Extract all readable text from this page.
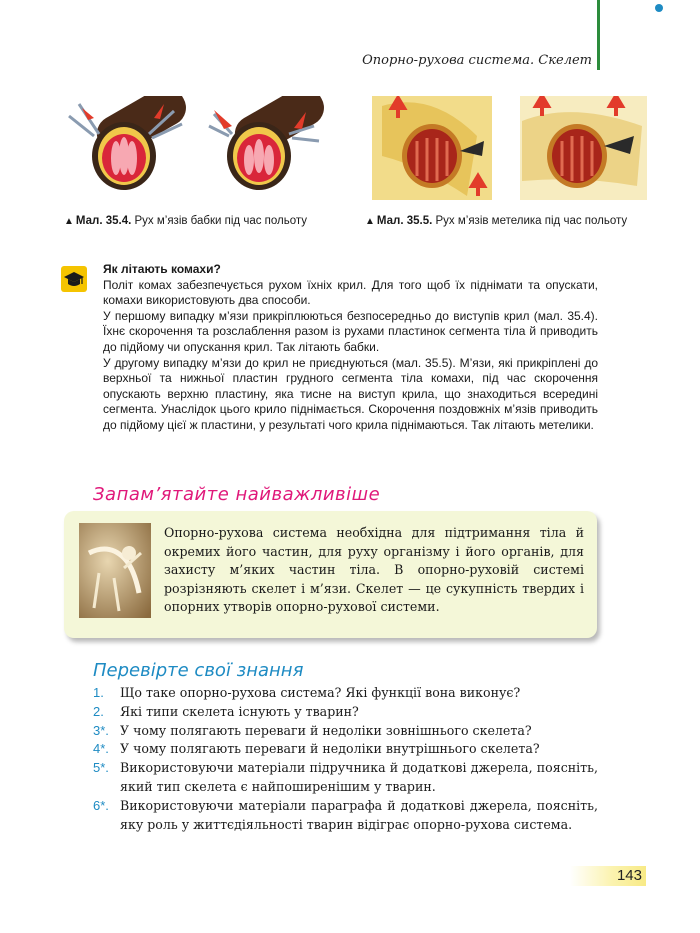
Опорно-рухова система. Скелет
▲ Мал. 35.4. Рух м’язів бабки під час польоту	▲ Мал. 35.5. Рух м’язів метелика під час польоту

Як літають комахи?

Політ комах забезпечується рухом їхніх крил. Для того щоб їх піднімати та опускати, комахи використовують два способи.

У першому випадку м’язи прикріплюються безпосередньо до виступів крил (мал. 35.4). Їхнє скорочення та розслаблення разом із рухами пластинок сегмента тіла й приводить до підйому чи опускання крил. Так літають бабки.

У другому випадку м’язи до крил не приєднуються (мал. 35.5). М’язи, які прикріплені до верхньої та нижньої пластин грудного сегмента тіла комахи, під час скорочення опускають верхню пластину, яка тисне на виступ крила, що знаходиться всередині сегмента. Унаслідок цього крило піднімається. Скорочення поздовжніх м’язів приводить до підйому цієї ж пластини, у результаті чого крила піднімаються. Так літають метелики.

Запам’ятайте найважливіше
Опорно-рухова система необхідна для підтримання тіла й окремих його частин, для руху організму і його органів, для захисту м’яких частин тіла. В опорно-руховій системі розрізняють скелет і м’язи. Скелет — це сукупність твердих і опорних утворів опорно-рухової системи.
Перевірте свої знання
1.	Що таке опорно-рухова система? Які функції вона виконує?
2.	Які типи скелета існують у тварин?
3*. У чому полягають переваги й недоліки зовнішнього скелета?
4*. У чому полягають переваги й недоліки внутрішнього скелета?
5*. Використовуючи матеріали підручника й додаткові джерела, поясніть, який тип скелета є найпоширенішим у тварин.
6*. Використовуючи матеріали параграфа й додаткові джерела, поясніть, яку роль у життєдіяльності тварин відіграє опорно-рухова система.
143
